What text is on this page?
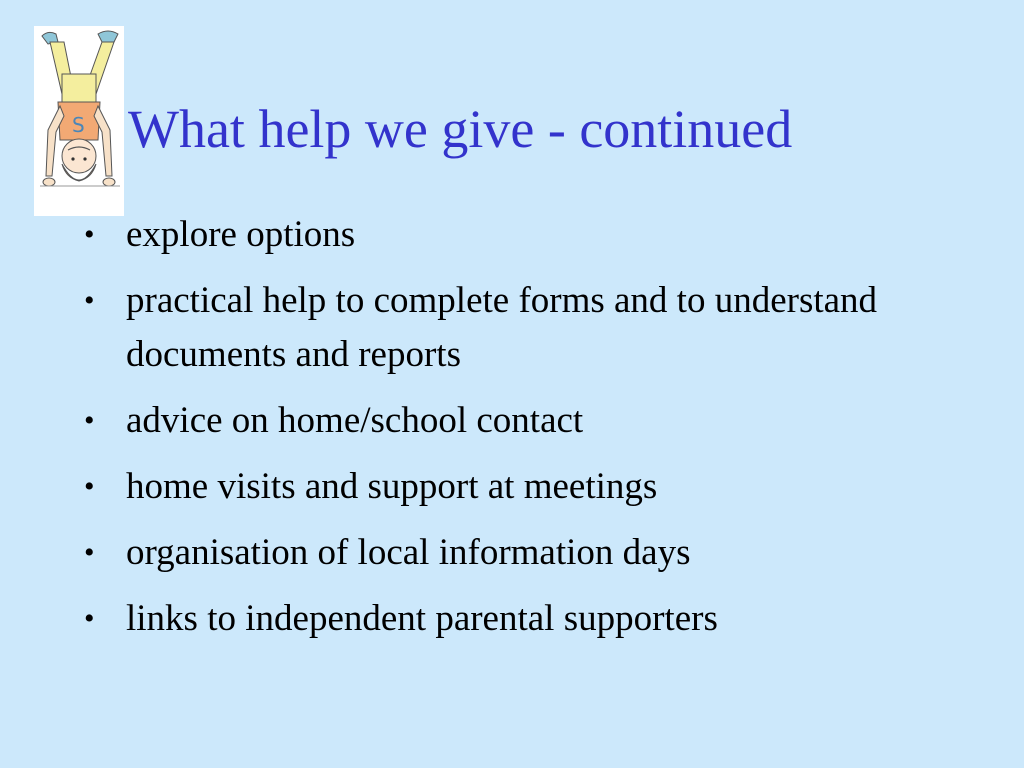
S What help we give - continued
• explore options
• practical help to complete forms and to understand documents and reports
• advice on home/school contact
• home visits and support at meetings
• organisation of local information days
• links to independent parental supporters
